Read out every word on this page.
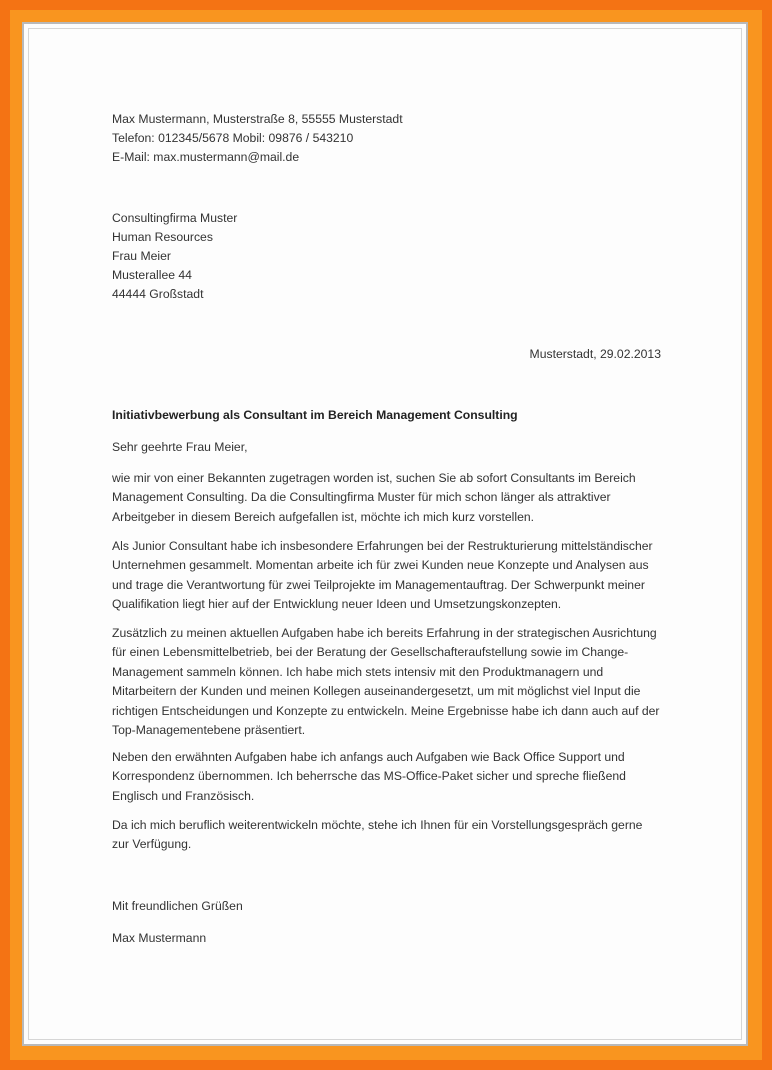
Max Mustermann, Musterstraße 8, 55555 Musterstadt
Telefon: 012345/5678 Mobil: 09876 / 543210
E-Mail: max.mustermann@mail.de
Consultingfirma Muster
Human Resources
Frau Meier
Musterallee 44
44444 Großstadt
Musterstadt, 29.02.2013
Initiativbewerbung als Consultant im Bereich Management Consulting
Sehr geehrte Frau Meier,
wie mir von einer Bekannten zugetragen worden ist, suchen Sie ab sofort Consultants im Bereich
Management Consulting. Da die Consultingfirma Muster für mich schon länger als attraktiver
Arbeitgeber in diesem Bereich aufgefallen ist, möchte ich mich kurz vorstellen.
Als Junior Consultant habe ich insbesondere Erfahrungen bei der Restrukturierung mittelständischer
Unternehmen gesammelt. Momentan arbeite ich für zwei Kunden neue Konzepte und Analysen aus
und trage die Verantwortung für zwei Teilprojekte im Managementauftrag. Der Schwerpunkt meiner
Qualifikation liegt hier auf der Entwicklung neuer Ideen und Umsetzungskonzepten.
Zusätzlich zu meinen aktuellen Aufgaben habe ich bereits Erfahrung in der strategischen Ausrichtung
für einen Lebensmittelbetrieb, bei der Beratung der Gesellschafteraufstellung sowie im Change-
Management sammeln können. Ich habe mich stets intensiv mit den Produktmanagern und
Mitarbeitern der Kunden und meinen Kollegen auseinandergesetzt, um mit möglichst viel Input die
richtigen Entscheidungen und Konzepte zu entwickeln. Meine Ergebnisse habe ich dann auch auf der
Top-Managementebene präsentiert.
Neben den erwähnten Aufgaben habe ich anfangs auch Aufgaben wie Back Office Support und
Korrespondenz übernommen. Ich beherrsche das MS-Office-Paket sicher und spreche fließend
Englisch und Französisch.
Da ich mich beruflich weiterentwickeln möchte, stehe ich Ihnen für ein Vorstellungsgespräch gerne
zur Verfügung.
Mit freundlichen Grüßen
Max Mustermann
